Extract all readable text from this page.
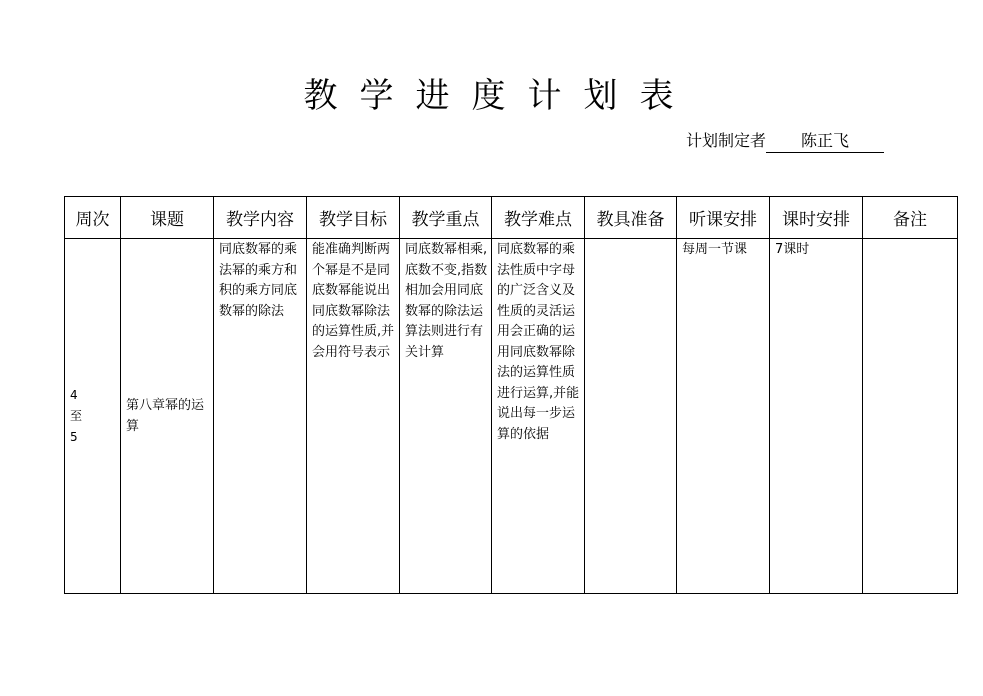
教学进度计划表
计划制定者 陈正飞
周次	课题	教学内容	教学目标	教学重点	教学难点	教具准备	听课安排	课时安排	备注

4
至
5	第八章幂的运算	同底数幂的乘法幂的乘方和积的乘方同底数幂的除法	能准确判断两个幂是不是同底数幂能说出同底数幂除法的运算性质,并会用符号表示	同底数幂相乘,底数不变,指数相加会用同底数幂的除法运算法则进行有关计算	同底数幂的乘法性质中字母的广泛含义及性质的灵活运用会正确的运用同底数幂除法的运算性质进行运算,并能说出每一步运算的依据		每周一节课	7课时	
